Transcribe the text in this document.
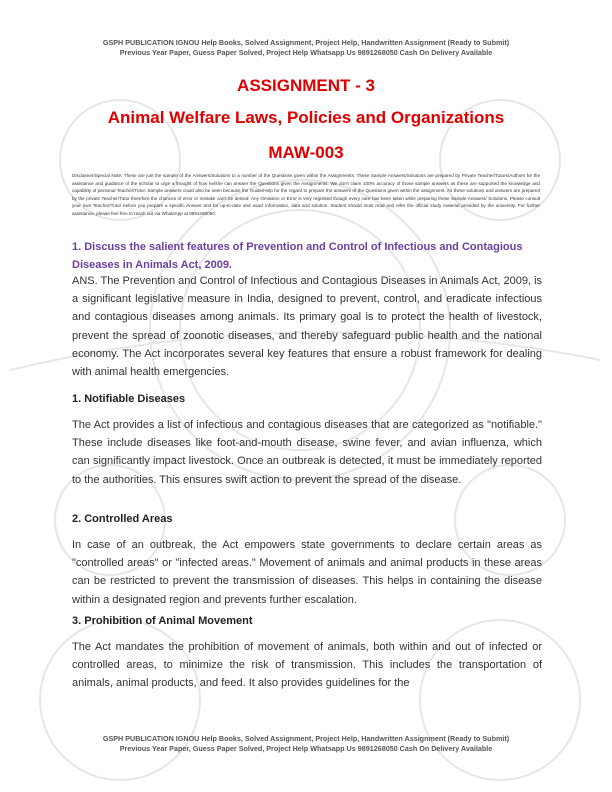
GSPH PUBLICATION IGNOU Help Books, Solved Assignment, Project Help, Handwritten Assignment (Ready to Submit)
Previous Year Paper, Guess Paper Solved, Project Help Whatsapp Us 9891268050 Cash On Delivery Available
ASSIGNMENT - 3
Animal Welfare Laws, Policies and Organizations
MAW-003
Disclaimer/Special Note: These are just the sample of the Answers/Solutions to a number of the Questions given within the Assignments. These Sample Answers/Solutions are prepared by Private Teacher/Tutors/Authors for the assistance and guidance of the scholar to urge a thought of how he/she can answer the Questions given the Assignments. We don't claim 100% accuracy of those sample answers as these are supported the knowledge and capability of personal Teacher/Tutor. Sample answers could also be seen because the Guide/Help for the regard to prepare the answers of the Questions given within the assignment. As these solutions and answers are prepared by the private Teacher/Tutor therefore the chances of error or mistake can't be denied. Any Omission or Error is very regretted though every care has been taken while preparing these Sample Answers/ Solutions. Please consult your own Teacher/Tutor before you prepare a specific Answer and for up-to-date and exact information, data and solution. Student should must read and refer the official study material provided by the university. For further assistance, please feel free to reach out via WhatsApp at 9891268050.
1. Discuss the salient features of Prevention and Control of Infectious and Contagious Diseases in Animals Act, 2009.
ANS. The Prevention and Control of Infectious and Contagious Diseases in Animals Act, 2009, is a significant legislative measure in India, designed to prevent, control, and eradicate infectious and contagious diseases among animals. Its primary goal is to protect the health of livestock, prevent the spread of zoonotic diseases, and thereby safeguard public health and the national economy. The Act incorporates several key features that ensure a robust framework for dealing with animal health emergencies.
1. Notifiable Diseases
The Act provides a list of infectious and contagious diseases that are categorized as "notifiable." These include diseases like foot-and-mouth disease, swine fever, and avian influenza, which can significantly impact livestock. Once an outbreak is detected, it must be immediately reported to the authorities. This ensures swift action to prevent the spread of the disease.
2. Controlled Areas
In case of an outbreak, the Act empowers state governments to declare certain areas as "controlled areas" or "infected areas." Movement of animals and animal products in these areas can be restricted to prevent the transmission of diseases. This helps in containing the disease within a designated region and prevents further escalation.
3. Prohibition of Animal Movement
The Act mandates the prohibition of movement of animals, both within and out of infected or controlled areas, to minimize the risk of transmission. This includes the transportation of animals, animal products, and feed. It also provides guidelines for the
GSPH PUBLICATION IGNOU Help Books, Solved Assignment, Project Help, Handwritten Assignment (Ready to Submit)
Previous Year Paper, Guess Paper Solved, Project Help Whatsapp Us 9891268050 Cash On Delivery Available
